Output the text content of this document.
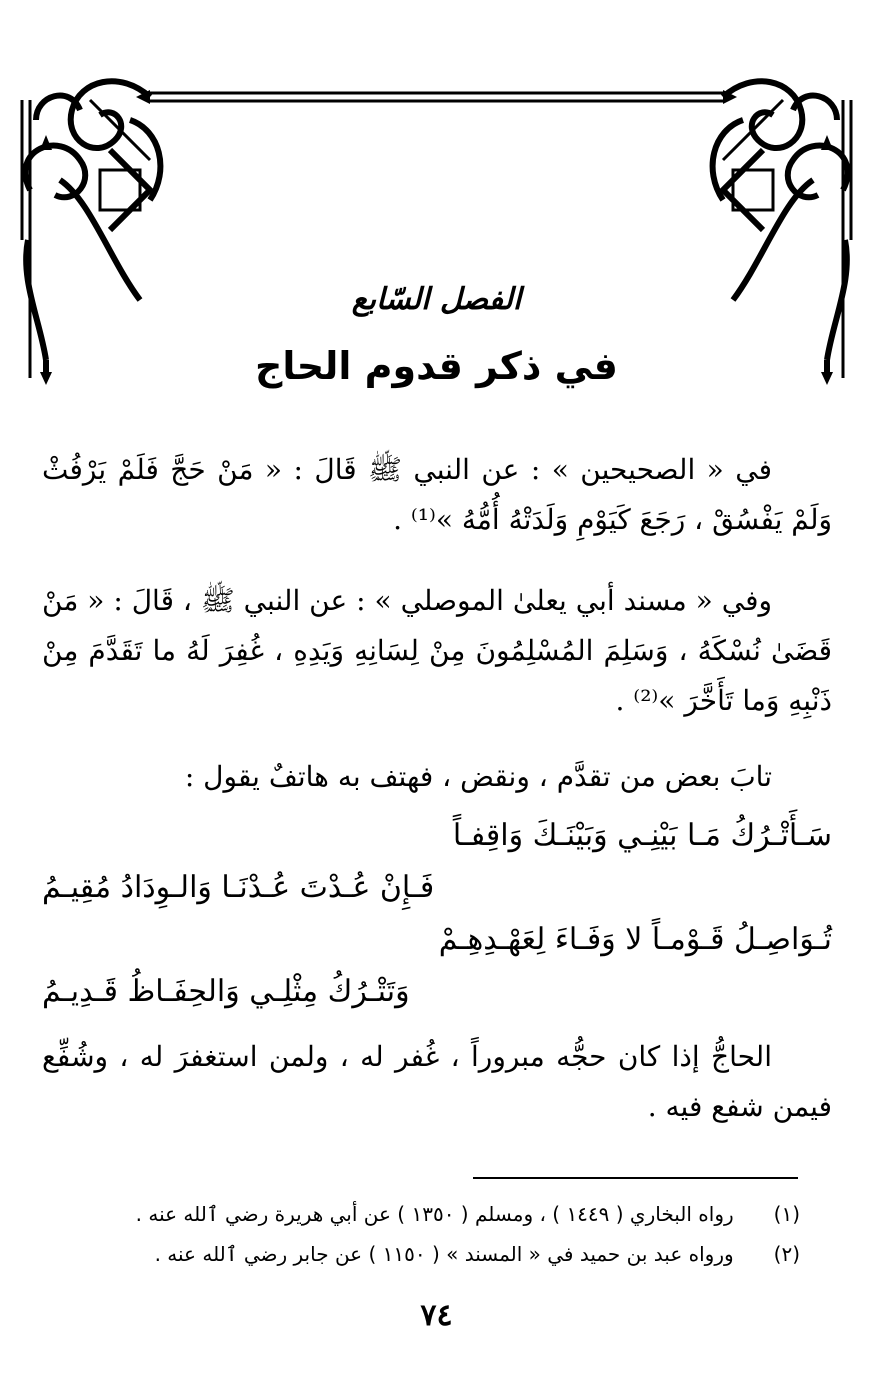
الفصل السّابع
في ذكر قدوم الحاج

في « الصحيحين » : عن النبي ﷺ قَالَ : « مَنْ حَجَّ فَلَمْ يَرْفُثْ وَلَمْ يَفْسُقْ ، رَجَعَ كَيَوْمِ وَلَدَتْهُ أُمُّهُ »⁽¹⁾ .

وفي « مسند أبي يعلىٰ الموصلي » : عن النبي ﷺ ، قَالَ : « مَنْ قَضَىٰ نُسْكَهُ ، وَسَلِمَ المُسْلِمُونَ مِنْ لِسَانِهِ وَيَدِهِ ، غُفِرَ لَهُ ما تَقَدَّمَ مِنْ ذَنْبِهِ وَما تَأَخَّرَ »⁽²⁾ .

تابَ بعض من تقدَّم ، ونقض ، فهتف به هاتفٌ يقول :

سَـأَتْـرُكُ مَـا بَيْنِـي وَبَيْنَـكَ وَاقِفـاً
فَـإِنْ عُـدْتَ عُـدْنَـا وَالـوِدَادُ مُقِيـمُ
تُـوَاصِـلُ قَـوْمـاً لا وَفَـاءَ لِعَهْـدِهِـمْ
وَتَتْـرُكُ مِثْلِـي وَالحِفَـاظُ قَـدِيـمُ

الحاجُّ إذا كان حجُّه مبروراً ، غُفر له ، ولمن استغفرَ له ، وشُفِّع فيمن شفع فيه .

(١) رواه البخاري ( ١٤٤٩ ) ، ومسلم ( ١٣٥٠ ) عن أبي هريرة رضي ٱلله عنه .
(٢) ورواه عبد بن حميد في « المسند » ( ١١٥٠ ) عن جابر رضي ٱلله عنه .
٧٤
